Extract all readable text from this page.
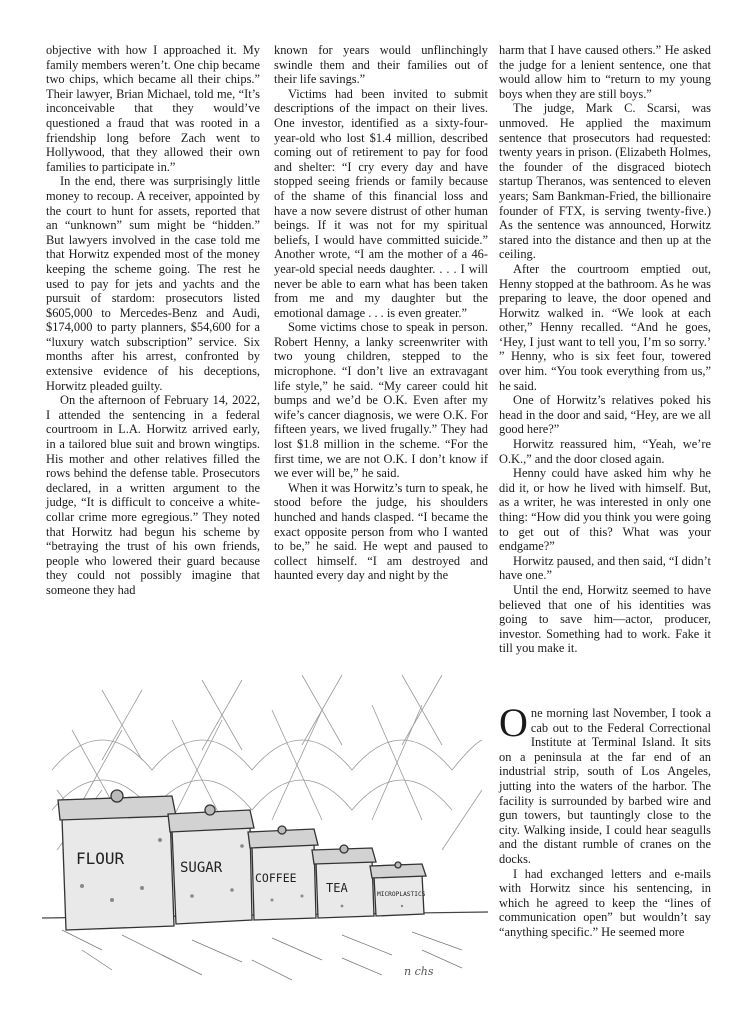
objective with how I approached it. My family members weren’t. One chip became two chips, which became all their chips.” Their lawyer, Brian Michael, told me, “It’s inconceivable that they would’ve questioned a fraud that was rooted in a friendship long before Zach went to Hollywood, that they allowed their own families to participate in.”

In the end, there was surprisingly little money to recoup. A receiver, appointed by the court to hunt for assets, reported that an “unknown” sum might be “hidden.” But lawyers involved in the case told me that Horwitz expended most of the money keeping the scheme going. The rest he used to pay for jets and yachts and the pursuit of stardom: prosecutors listed $605,000 to Mercedes-Benz and Audi, $174,000 to party planners, $54,600 for a “luxury watch subscription” service. Six months after his arrest, confronted by extensive evidence of his deceptions, Horwitz pleaded guilty.

On the afternoon of February 14, 2022, I attended the sentencing in a federal courtroom in L.A. Horwitz arrived early, in a tailored blue suit and brown wingtips. His mother and other relatives filled the rows behind the defense table. Prosecutors declared, in a written argument to the judge, “It is difficult to conceive a white-collar crime more egregious.” They noted that Horwitz had begun his scheme by “betraying the trust of his own friends, people who lowered their guard because they could not possibly imagine that someone they had

known for years would unflinchingly swindle them and their families out of their life savings.”

Victims had been invited to submit descriptions of the impact on their lives. One investor, identified as a sixty-four-year-old who lost $1.4 million, described coming out of retirement to pay for food and shelter: “I cry every day and have stopped seeing friends or family because of the shame of this financial loss and have a now severe distrust of other human beings. If it was not for my spiritual beliefs, I would have committed suicide.” Another wrote, “I am the mother of a 46-year-old special needs daughter. . . . I will never be able to earn what has been taken from me and my daughter but the emotional damage . . . is even greater.”

Some victims chose to speak in person. Robert Henny, a lanky screenwriter with two young children, stepped to the microphone. “I don’t live an extravagant life style,” he said. “My career could hit bumps and we’d be O.K. Even after my wife’s cancer diagnosis, we were O.K. For fifteen years, we lived frugally.” They had lost $1.8 million in the scheme. “For the first time, we are not O.K. I don’t know if we ever will be,” he said.

When it was Horwitz’s turn to speak, he stood before the judge, his shoulders hunched and hands clasped. “I became the exact opposite person from who I wanted to be,” he said. He wept and paused to collect himself. “I am destroyed and haunted every day and night by the

harm that I have caused others.” He asked the judge for a lenient sentence, one that would allow him to “return to my young boys when they are still boys.”

The judge, Mark C. Scarsi, was unmoved. He applied the maximum sentence that prosecutors had requested: twenty years in prison. (Elizabeth Holmes, the founder of the disgraced biotech startup Theranos, was sentenced to eleven years; Sam Bankman-Fried, the billionaire founder of FTX, is serving twenty-five.) As the sentence was announced, Horwitz stared into the distance and then up at the ceiling.

After the courtroom emptied out, Henny stopped at the bathroom. As he was preparing to leave, the door opened and Horwitz walked in. “We look at each other,” Henny recalled. “And he goes, ‘Hey, I just want to tell you, I’m so sorry.’ ” Henny, who is six feet four, towered over him. “You took everything from us,” he said.

One of Horwitz’s relatives poked his head in the door and said, “Hey, are we all good here?”

Horwitz reassured him, “Yeah, we’re O.K.,” and the door closed again.

Henny could have asked him why he did it, or how he lived with himself. But, as a writer, he was interested in only one thing: “How did you think you were going to get out of this? What was your endgame?”

Horwitz paused, and then said, “I didn’t have one.”

Until the end, Horwitz seemed to have believed that one of his identities was going to save him—actor, producer, investor. Something had to work. Fake it till you make it.

One morning last November, I took a cab out to the Federal Correctional Institute at Terminal Island. It sits on a peninsula at the far end of an industrial strip, south of Los Angeles, jutting into the waters of the harbor. The facility is surrounded by barbed wire and gun towers, but tauntingly close to the city. Walking inside, I could hear seagulls and the distant rumble of cranes on the docks.

I had exchanged letters and e-mails with Horwitz since his sentencing, in which he agreed to keep the “lines of communication open” but wouldn’t say “anything specific.” He seemed more

FLOUR	SUGAR
COFFEE
TEA	MICROPLASTICS
n chs
